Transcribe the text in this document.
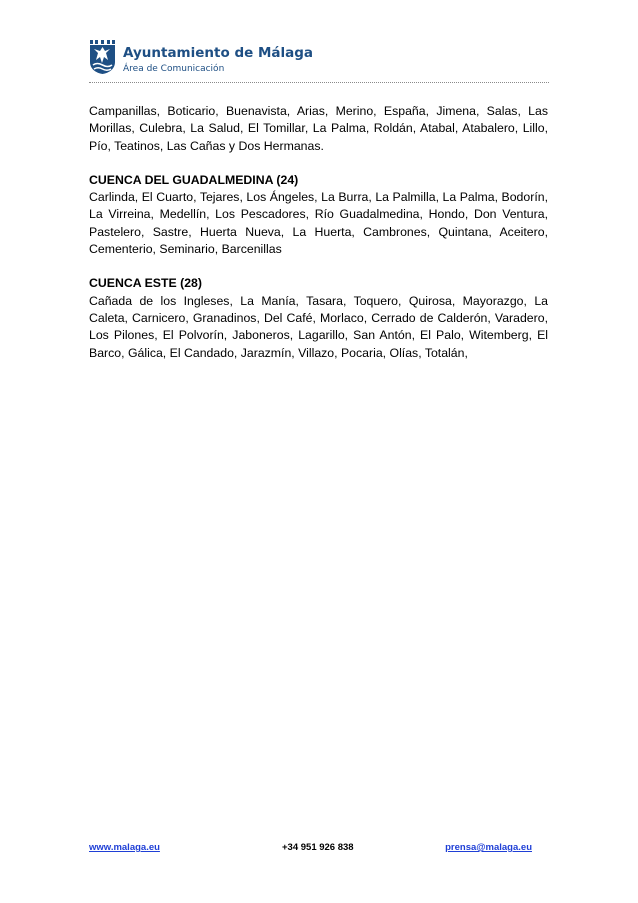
Ayuntamiento de Málaga
Área de Comunicación

Campanillas, Boticario, Buenavista, Arias, Merino, España, Jimena, Salas, Las Morillas, Culebra, La Salud, El Tomillar, La Palma, Roldán, Atabal, Atabalero, Lillo, Pío, Teatinos, Las Cañas y Dos Hermanas.

CUENCA DEL GUADALMEDINA (24)

Carlinda, El Cuarto, Tejares, Los Ángeles, La Burra, La Palmilla, La Palma, Bodorín, La Virreina, Medellín, Los Pescadores, Río Guadalmedina, Hondo, Don Ventura, Pastelero, Sastre, Huerta Nueva, La Huerta, Cambrones, Quintana, Aceitero, Cementerio, Seminario, Barcenillas

CUENCA ESTE (28)

Cañada de los Ingleses, La Manía, Tasara, Toquero, Quirosa, Mayorazgo, La Caleta, Carnicero, Granadinos, Del Café, Morlaco, Cerrado de Calderón, Varadero, Los Pilones, El Polvorín, Jaboneros, Lagarillo, San Antón, El Palo, Witemberg, El Barco, Gálica, El Candado, Jarazmín, Villazo, Pocaria, Olías, Totalán,

www.malaga.eu	+34 951 926 838	prensa@malaga.eu
